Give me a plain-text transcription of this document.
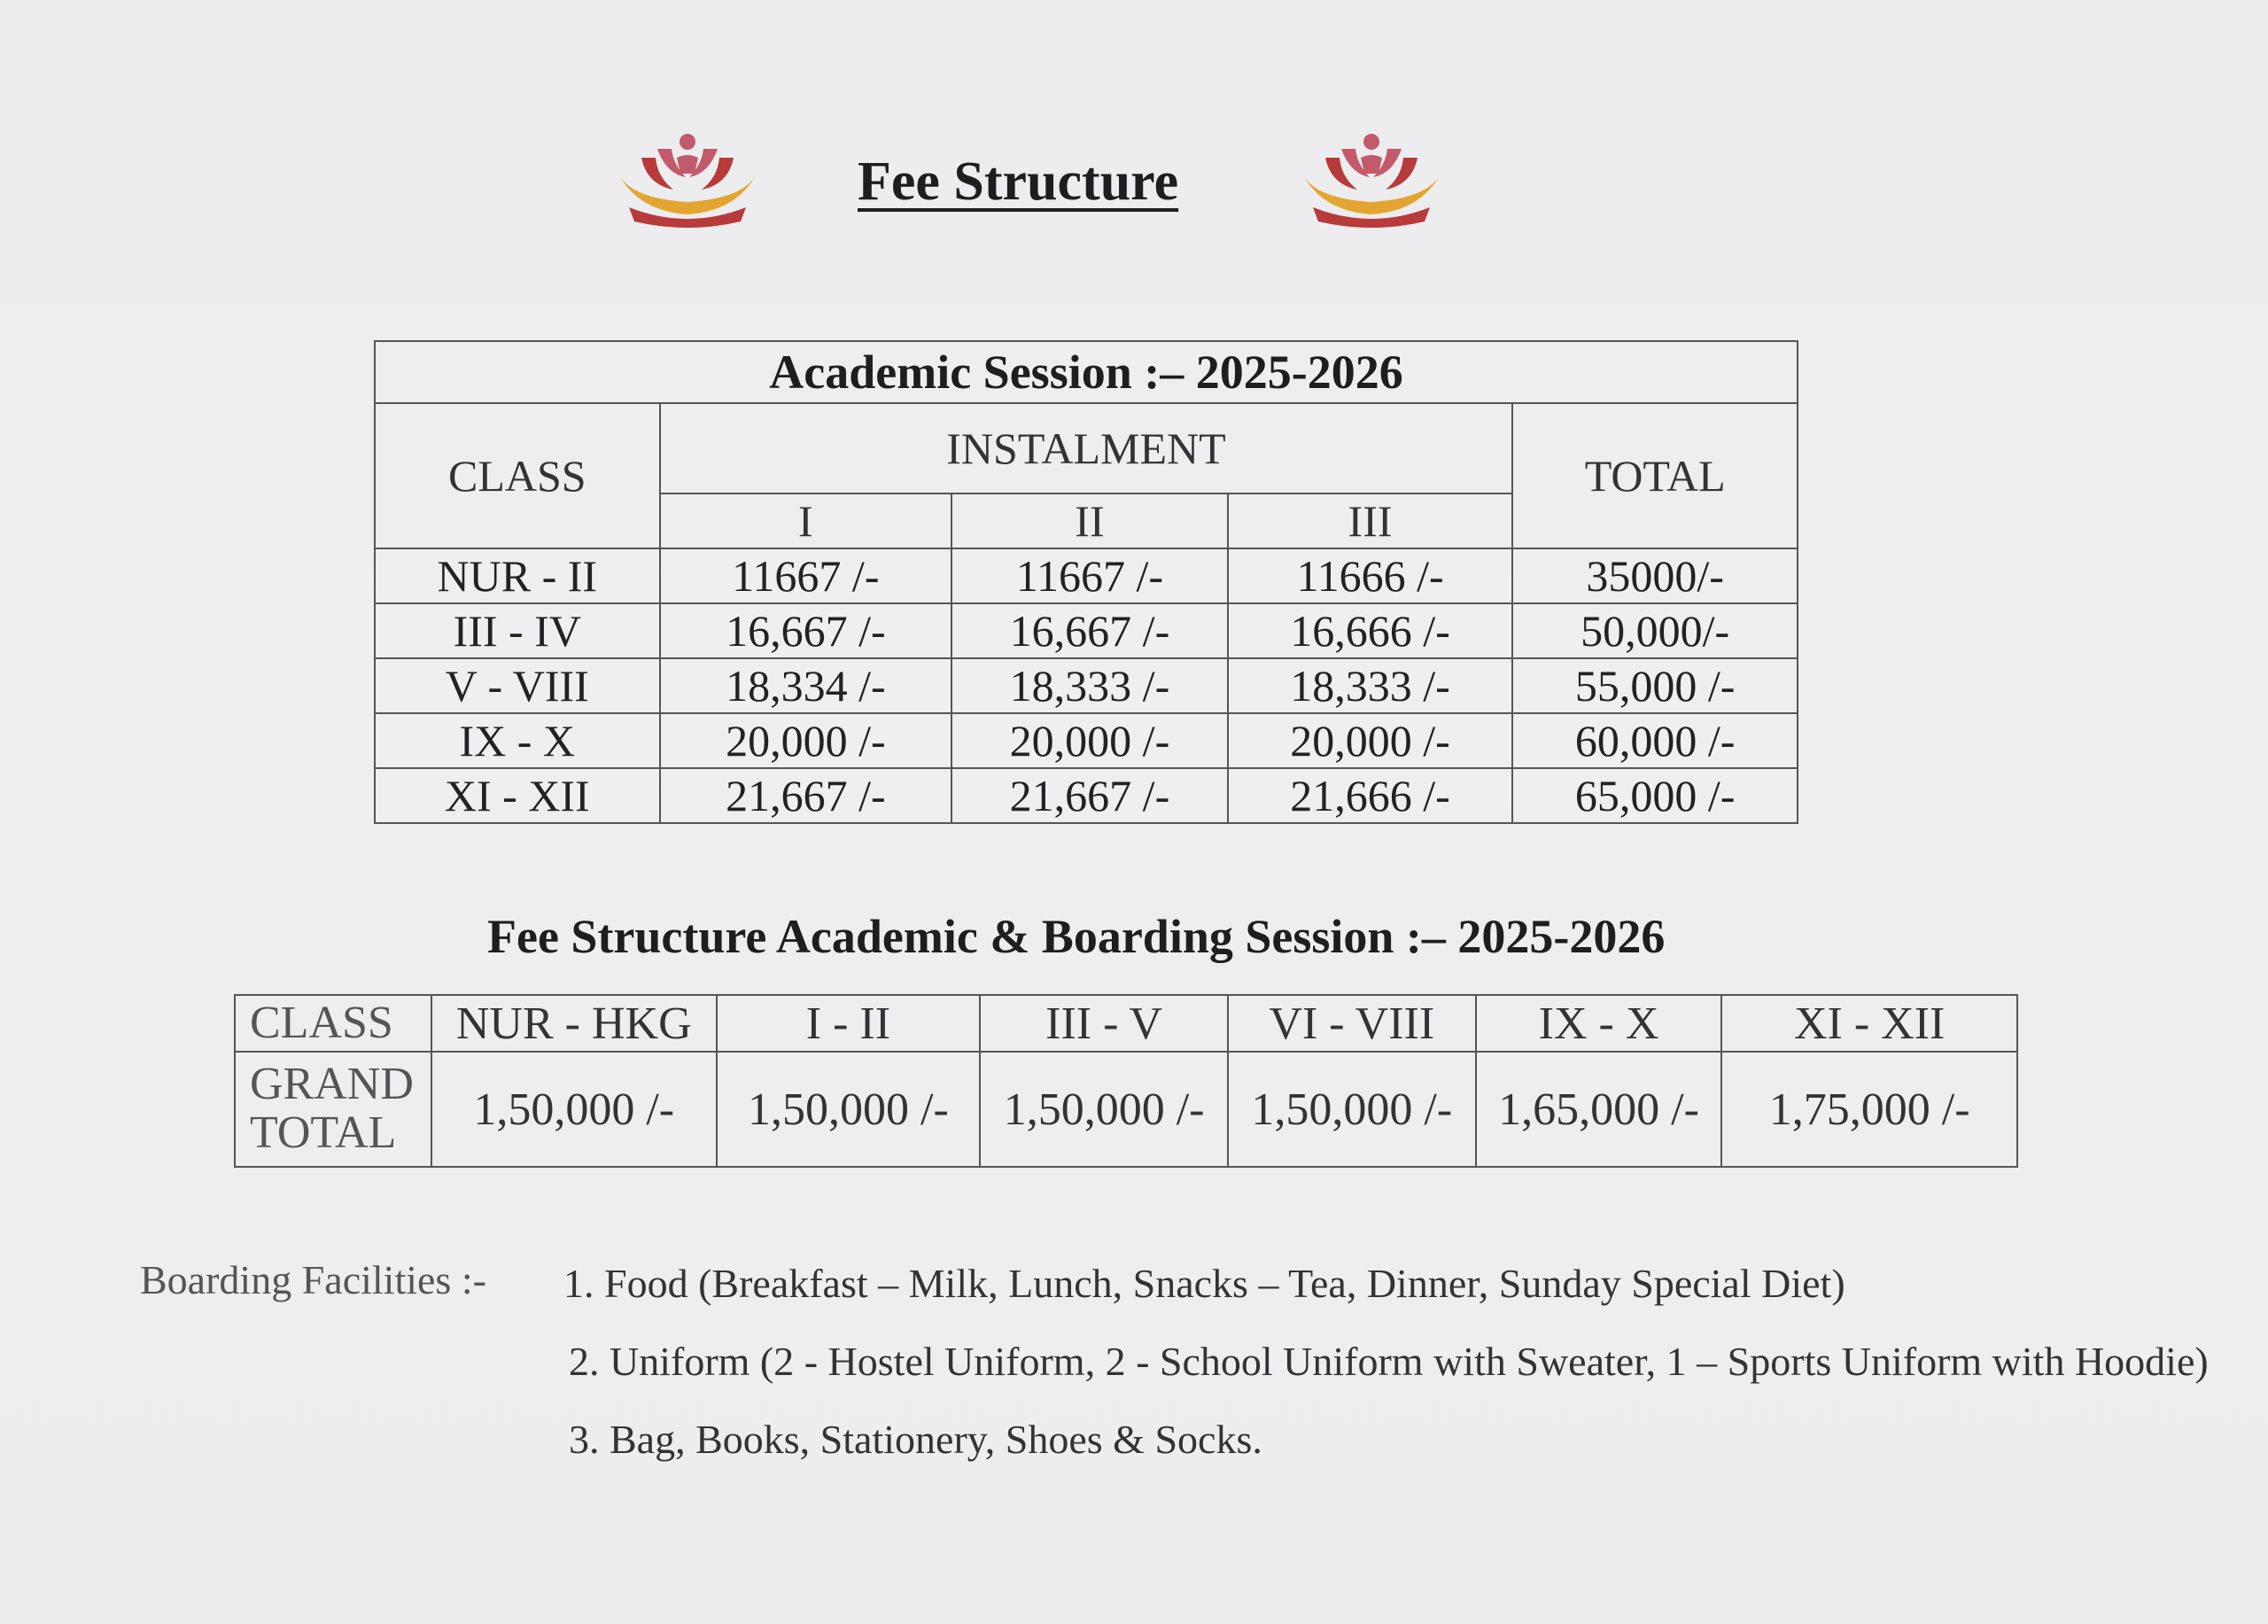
Fee Structure
Academic Session :– 2025-2026				
CLASS	INSTALMENT			TOTAL
	I	II	III	
NUR - II	11667 /-	11667 /-	11666 /-	35000/-
III - IV	16,667 /-	16,667 /-	16,666 /-	50,000/-
V - VIII	18,334 /-	18,333 /-	18,333 /-	55,000 /-
IX - X	20,000 /-	20,000 /-	20,000 /-	60,000 /-
XI - XII	21,667 /-	21,667 /-	21,666 /-	65,000 /-
Fee Structure Academic & Boarding Session :– 2025-2026
CLASS	NUR - HKG	I - II	III - V	VI - VIII	IX - X	XI - XII

GRAND
TOTAL	1,50,000 /-	1,50,000 /-	1,50,000 /-	1,50,000 /-	1,65,000 /-	1,75,000 /-
Boarding Facilities :- 1. Food (Breakfast – Milk, Lunch, Snacks – Tea, Dinner, Sunday Special Diet)
2. Uniform (2 - Hostel Uniform, 2 - School Uniform with Sweater, 1 – Sports Uniform with Hoodie)
3. Bag, Books, Stationery, Shoes & Socks.
